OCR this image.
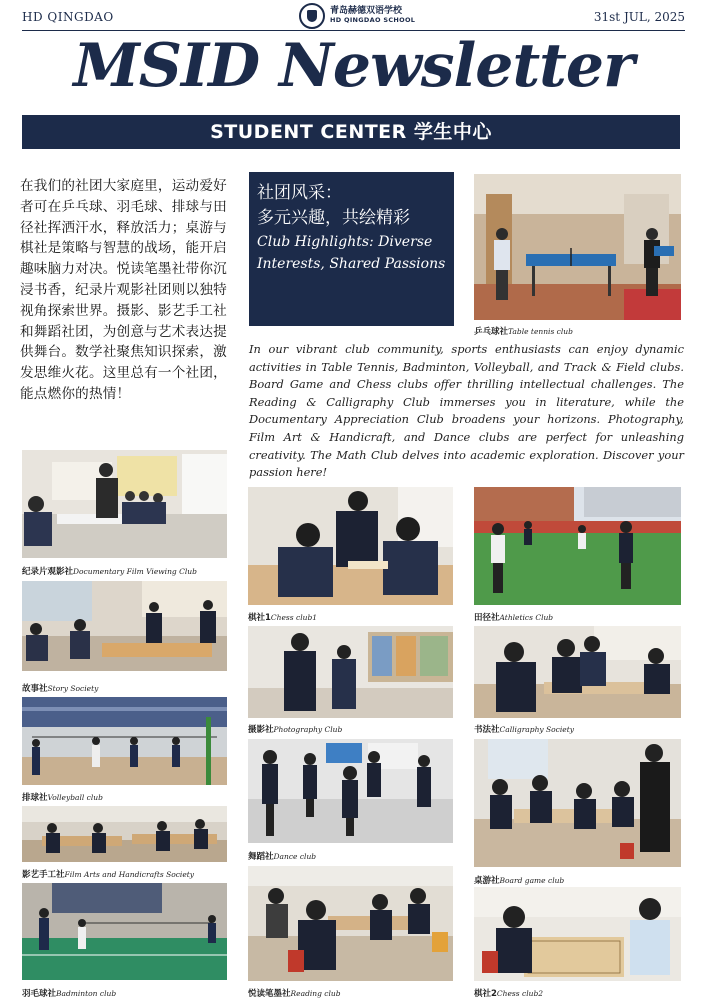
HD QINGDAO	青岛赫德双语学校
HD QINGDAO SCHOOL	31st JUL, 2025
MSID Newsletter
STUDENT CENTER 学生中心
在我们的社团大家庭里，运动爱好者可在乒乓球、羽毛球、排球与田径社挥洒汗水，释放活力；桌游与棋社是策略与智慧的战场，能开启趣味脑力对决。悦读笔墨社带你沉浸书香，纪录片观影社团则以独特视角探索世界。摄影、影艺手工社和舞蹈社团，为创意与艺术表达提供舞台。数学社聚焦知识探索，激发思维火花。这里总有一个社团，能点燃你的热情！
社团风采：
多元兴趣，共绘精彩
Club Highlights: Diverse Interests, Shared Passions
In our vibrant club community, sports enthusiasts can enjoy dynamic activities in Table Tennis, Badminton, Volleyball, and Track & Field clubs. Board Game and Chess clubs offer thrilling intellectual challenges. The Reading & Calligraphy Club immerses you in literature, while the Documentary Appreciation Club broadens your horizons. Photography, Film Art & Handicraft, and Dance clubs are perfect for unleashing creativity. The Math Club delves into academic exploration. Discover your passion here!
乒乓球社Table tennis club
纪录片观影社Documentary Film Viewing Club
故事社Story Society
排球社Volleyball club
影艺手工社Film Arts and Handicrafts Society
羽毛球社Badminton club
棋社1Chess club1
摄影社Photography Club
舞蹈社Dance club
悦读笔墨社Reading club
田径社Athletics Club
书法社Calligraphy Society
桌游社Board game club
棋社2Chess club2
